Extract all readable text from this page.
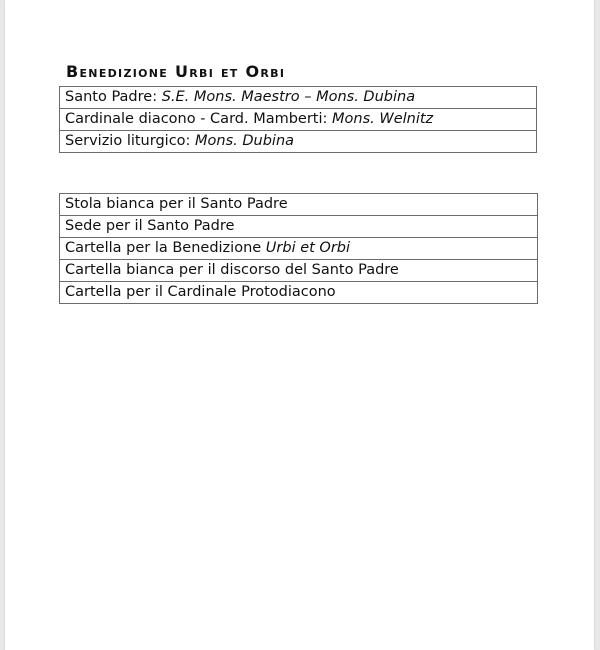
Benedizione Urbi et Orbi
Santo Padre: S.E. Mons. Maestro – Mons. Dubina
Cardinale diacono - Card. Mamberti: Mons. Welnitz
Servizio liturgico: Mons. Dubina
Stola bianca per il Santo Padre
Sede per il Santo Padre
Cartella per la Benedizione Urbi et Orbi
Cartella bianca per il discorso del Santo Padre
Cartella per il Cardinale Protodiacono
